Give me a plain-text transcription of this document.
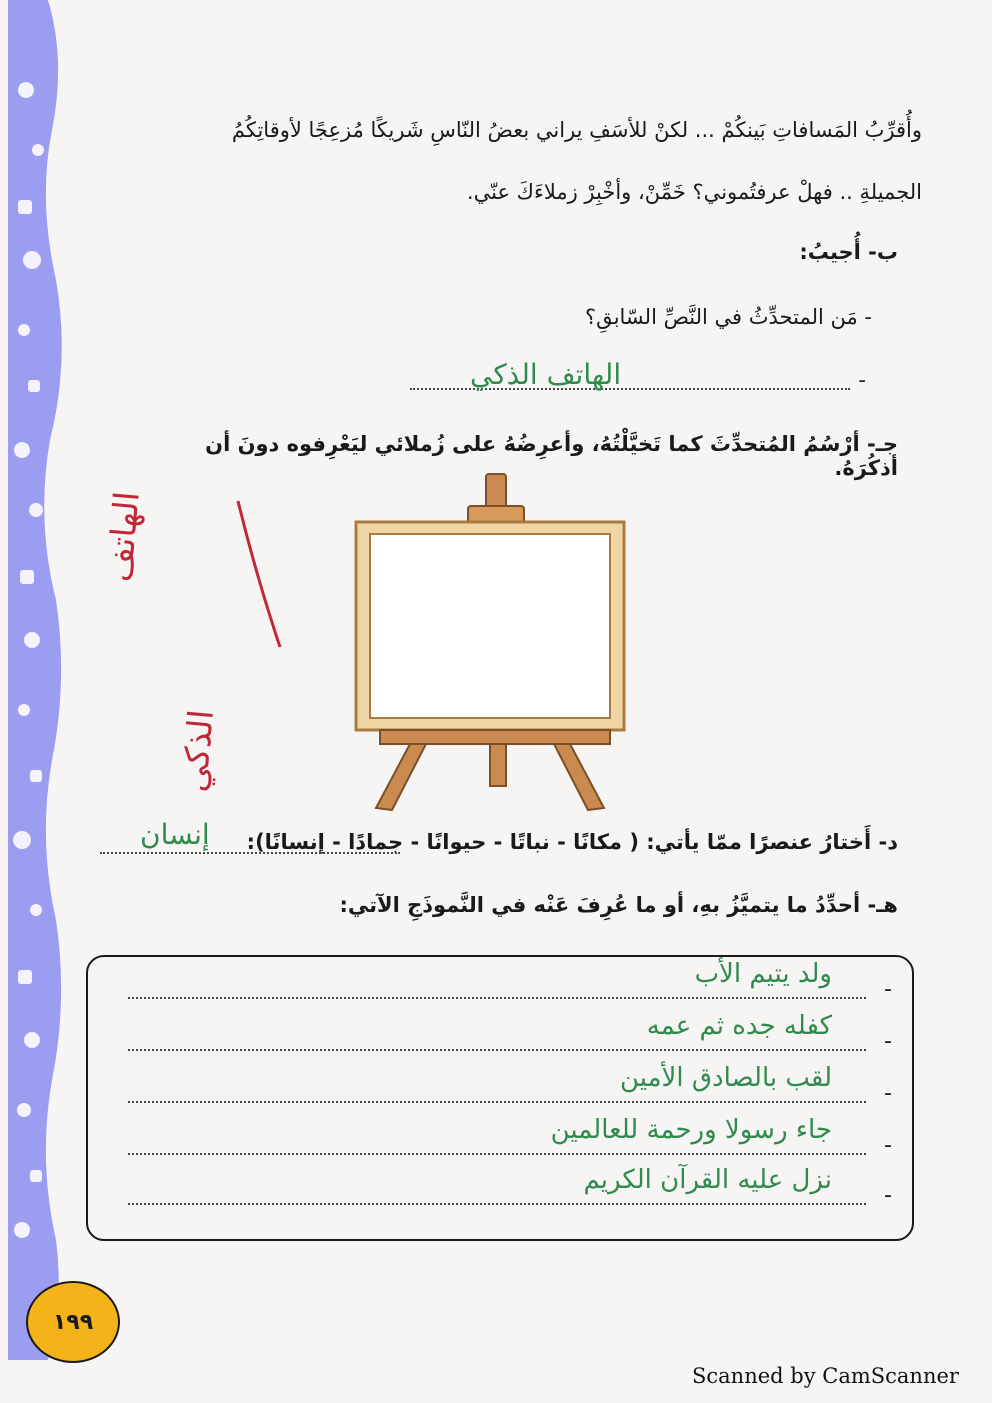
وأُقرِّبُ المَسافاتِ بَينكُمْ ... لكنْ للأسَفِ يراني بعضُ النّاسِ شَريكًا مُزعِجًا لأوقاتِكُمُ
الجميلةِ .. فهلْ عرفتُموني؟ خَمِّنْ، وأخْبِرْ زملاءَكَ عنّي.
ب- أُجيبُ:
- مَن المتحدِّثُ في النَّصِّ السّابقِ؟
-
الهاتف الذكي
جـ- أرْسُمُ المُتحدِّثَ كما تَخيَّلْتُهُ، وأعرِضُهُ على زُملائي ليَعْرِفوه دونَ أن أذكُرَهُ.
الهاتف
الذكي
د- أَختارُ عنصرًا ممّا يأتي: ( مكانًا - نباتًا - حيوانًا - جمادًا - إنسانًا):
إنسان
هـ- أحدِّدُ ما يتميَّزُ بهِ، أو ما عُرِفَ عَنْه في النَّموذَجِ الآتي:
-
ولد يتيم الأب
-
كفله جده ثم عمه
-
لقب بالصادق الأمين
-
جاء رسولا ورحمة للعالمين
-
نزل عليه القرآن الكريم
١٩٩
Scanned by CamScanner
